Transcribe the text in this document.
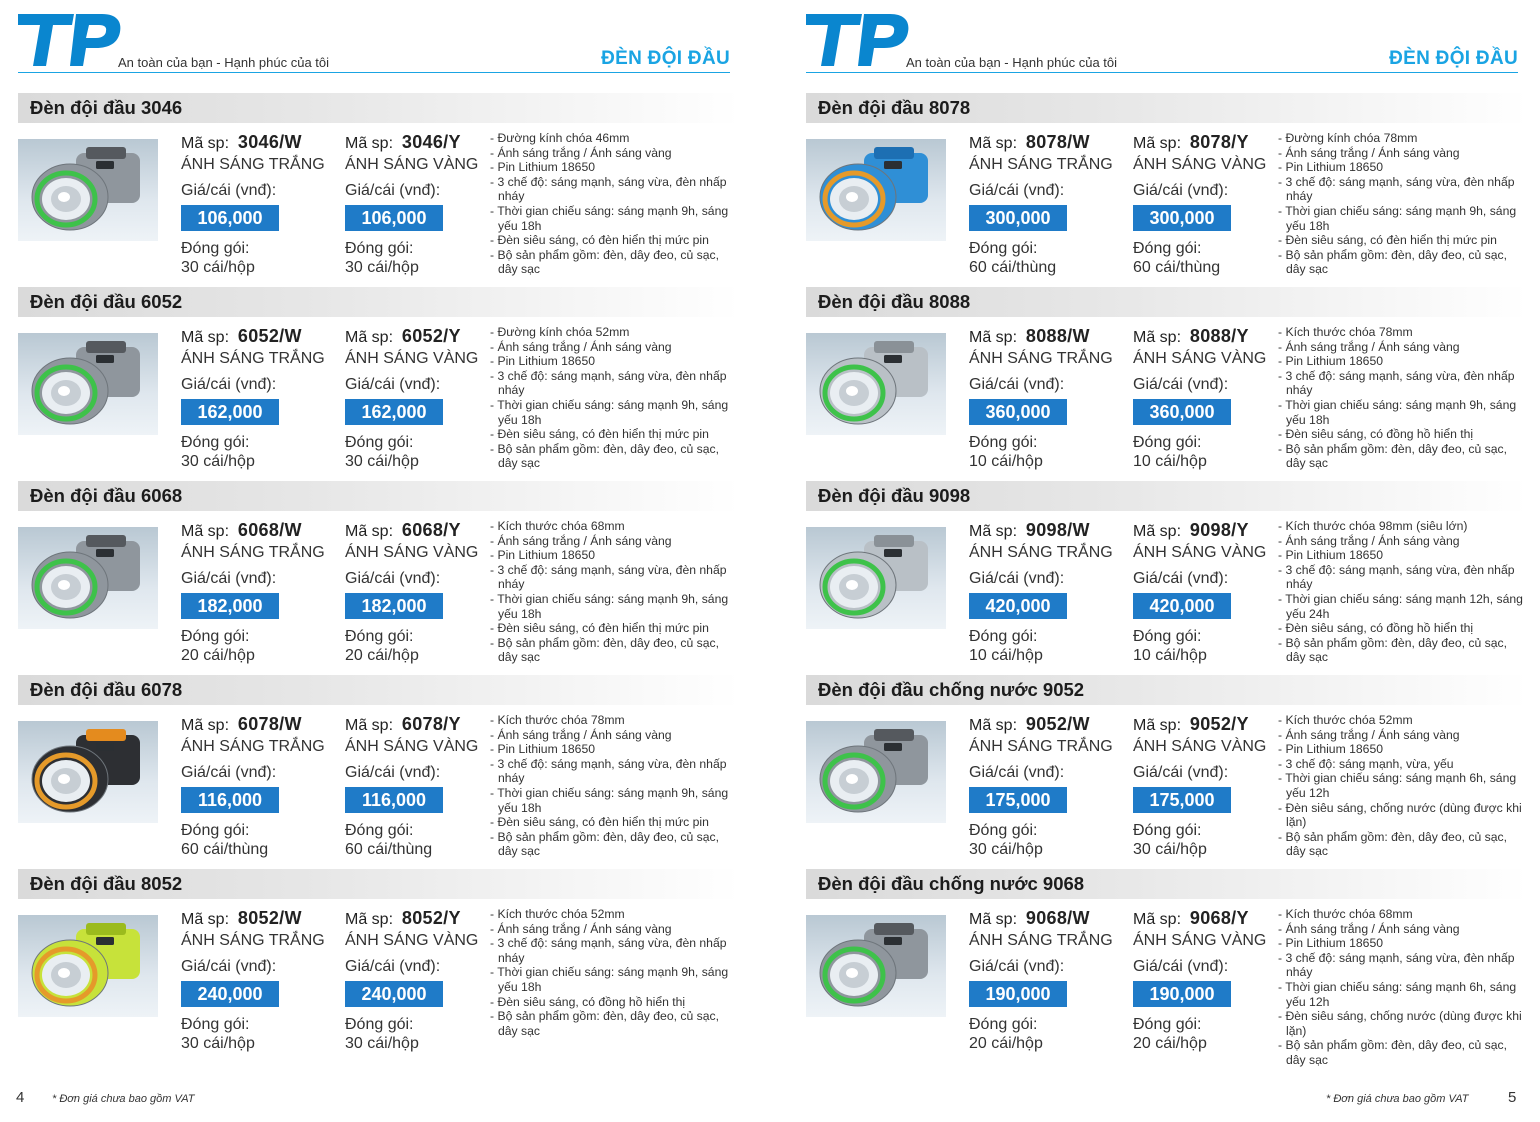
An toàn của bạn - Hạnh phúc của tôi	ĐÈN ĐỘI ĐẦU
Đèn đội đầu 3046
Mã sp: 3046/W
ÁNH SÁNG TRẮNG
Giá/cái (vnđ):
106,000
Đóng gói:
30 cái/hộp
Mã sp: 3046/Y
ÁNH SÁNG VÀNG
Giá/cái (vnđ):
106,000
Đóng gói:
30 cái/hộp
- Đường kính chóa 46mm
- Ánh sáng trắng / Ánh sáng vàng
- Pin Lithium 18650
- 3 chế độ: sáng mạnh, sáng vừa, đèn nhấp nháy
- Thời gian chiếu sáng: sáng mạnh 9h, sáng yếu 18h
- Đèn siêu sáng, có đèn hiển thị mức pin
- Bộ sản phẩm gồm: đèn, dây đeo, củ sạc, dây sạc
Đèn đội đầu 6052
Mã sp: 6052/W
ÁNH SÁNG TRẮNG
Giá/cái (vnđ):
162,000
Đóng gói:
30 cái/hộp
Mã sp: 6052/Y
ÁNH SÁNG VÀNG
Giá/cái (vnđ):
162,000
Đóng gói:
30 cái/hộp
- Đường kính chóa 52mm
- Ánh sáng trắng / Ánh sáng vàng
- Pin Lithium 18650
- 3 chế độ: sáng mạnh, sáng vừa, đèn nhấp nháy
- Thời gian chiếu sáng: sáng mạnh 9h, sáng yếu 18h
- Đèn siêu sáng, có đèn hiển thị mức pin
- Bộ sản phẩm gồm: đèn, dây đeo, củ sạc, dây sạc
Đèn đội đầu 6068
Mã sp: 6068/W
ÁNH SÁNG TRẮNG
Giá/cái (vnđ):
182,000
Đóng gói:
20 cái/hộp
Mã sp: 6068/Y
ÁNH SÁNG VÀNG
Giá/cái (vnđ):
182,000
Đóng gói:
20 cái/hộp
- Kích thước chóa 68mm
- Ánh sáng trắng / Ánh sáng vàng
- Pin Lithium 18650
- 3 chế độ: sáng mạnh, sáng vừa, đèn nhấp nháy
- Thời gian chiếu sáng: sáng mạnh 9h, sáng yếu 18h
- Đèn siêu sáng, có đèn hiển thị mức pin
- Bộ sản phẩm gồm: đèn, dây đeo, củ sạc, dây sạc
Đèn đội đầu 6078
Mã sp: 6078/W
ÁNH SÁNG TRẮNG
Giá/cái (vnđ):
116,000
Đóng gói:
60 cái/thùng
Mã sp: 6078/Y
ÁNH SÁNG VÀNG
Giá/cái (vnđ):
116,000
Đóng gói:
60 cái/thùng
- Kích thước chóa 78mm
- Ánh sáng trắng / Ánh sáng vàng
- Pin Lithium 18650
- 3 chế độ: sáng mạnh, sáng vừa, đèn nhấp nháy
- Thời gian chiếu sáng: sáng mạnh 9h, sáng yếu 18h
- Đèn siêu sáng, có đèn hiển thị mức pin
- Bộ sản phẩm gồm: đèn, dây đeo, củ sạc, dây sạc
Đèn đội đầu 8052
Mã sp: 8052/W
ÁNH SÁNG TRẮNG
Giá/cái (vnđ):
240,000
Đóng gói:
30 cái/hộp
Mã sp: 8052/Y
ÁNH SÁNG VÀNG
Giá/cái (vnđ):
240,000
Đóng gói:
30 cái/hộp
- Kích thước chóa 52mm
- Ánh sáng trắng / Ánh sáng vàng
- 3 chế độ: sáng mạnh, sáng vừa, đèn nhấp nháy
- Thời gian chiếu sáng: sáng mạnh 9h, sáng yếu 18h
- Đèn siêu sáng, có đồng hồ hiển thị
- Bộ sản phẩm gồm: đèn, dây đeo, củ sạc, dây sạc
4	* Đơn giá chưa bao gồm VAT
An toàn của bạn - Hạnh phúc của tôi	ĐÈN ĐỘI ĐẦU
Đèn đội đầu 8078
Mã sp: 8078/W
ÁNH SÁNG TRẮNG
Giá/cái (vnđ):
300,000
Đóng gói:
60 cái/thùng
Mã sp: 8078/Y
ÁNH SÁNG VÀNG
Giá/cái (vnđ):
300,000
Đóng gói:
60 cái/thùng
- Đường kính chóa 78mm
- Ánh sáng trắng / Ánh sáng vàng
- Pin Lithium 18650
- 3 chế độ: sáng mạnh, sáng vừa, đèn nhấp nháy
- Thời gian chiếu sáng: sáng mạnh 9h, sáng yếu 18h
- Đèn siêu sáng, có đèn hiển thị mức pin
- Bộ sản phẩm gồm: đèn, dây đeo, củ sạc, dây sạc
Đèn đội đầu 8088
Mã sp: 8088/W
ÁNH SÁNG TRẮNG
Giá/cái (vnđ):
360,000
Đóng gói:
10 cái/hộp
Mã sp: 8088/Y
ÁNH SÁNG VÀNG
Giá/cái (vnđ):
360,000
Đóng gói:
10 cái/hộp
- Kích thước chóa 78mm
- Ánh sáng trắng / Ánh sáng vàng
- Pin Lithium 18650
- 3 chế độ: sáng mạnh, sáng vừa, đèn nhấp nháy
- Thời gian chiếu sáng: sáng mạnh 9h, sáng yếu 18h
- Đèn siêu sáng, có đồng hồ hiển thị
- Bộ sản phẩm gồm: đèn, dây đeo, củ sạc, dây sạc
Đèn đội đầu 9098
Mã sp: 9098/W
ÁNH SÁNG TRẮNG
Giá/cái (vnđ):
420,000
Đóng gói:
10 cái/hộp
Mã sp: 9098/Y
ÁNH SÁNG VÀNG
Giá/cái (vnđ):
420,000
Đóng gói:
10 cái/hộp
- Kích thước chóa 98mm (siêu lớn)
- Ánh sáng trắng / Ánh sáng vàng
- Pin Lithium 18650
- 3 chế độ: sáng mạnh, sáng vừa, đèn nhấp nháy
- Thời gian chiếu sáng: sáng mạnh 12h, sáng yếu 24h
- Đèn siêu sáng, có đồng hồ hiển thị
- Bộ sản phẩm gồm: đèn, dây đeo, củ sạc, dây sạc
Đèn đội đầu chống nước 9052
Mã sp: 9052/W
ÁNH SÁNG TRẮNG
Giá/cái (vnđ):
175,000
Đóng gói:
30 cái/hộp
Mã sp: 9052/Y
ÁNH SÁNG VÀNG
Giá/cái (vnđ):
175,000
Đóng gói:
30 cái/hộp
- Kích thước chóa 52mm
- Ánh sáng trắng / Ánh sáng vàng
- Pin Lithium 18650
- 3 chế độ: sáng mạnh, vừa, yếu
- Thời gian chiếu sáng: sáng mạnh 6h, sáng yếu 12h
- Đèn siêu sáng, chống nước (dùng được khi lặn)
- Bộ sản phẩm gồm: đèn, dây đeo, củ sạc, dây sạc
Đèn đội đầu chống nước 9068
Mã sp: 9068/W
ÁNH SÁNG TRẮNG
Giá/cái (vnđ):
190,000
Đóng gói:
20 cái/hộp
Mã sp: 9068/Y
ÁNH SÁNG VÀNG
Giá/cái (vnđ):
190,000
Đóng gói:
20 cái/hộp
- Kích thước chóa 68mm
- Ánh sáng trắng / Ánh sáng vàng
- Pin Lithium 18650
- 3 chế độ: sáng mạnh, sáng vừa, đèn nhấp nháy
- Thời gian chiếu sáng: sáng mạnh 6h, sáng yếu 12h
- Đèn siêu sáng, chống nước (dùng được khi lặn)
- Bộ sản phẩm gồm: đèn, dây đeo, củ sạc, dây sạc
* Đơn giá chưa bao gồm VAT	5
